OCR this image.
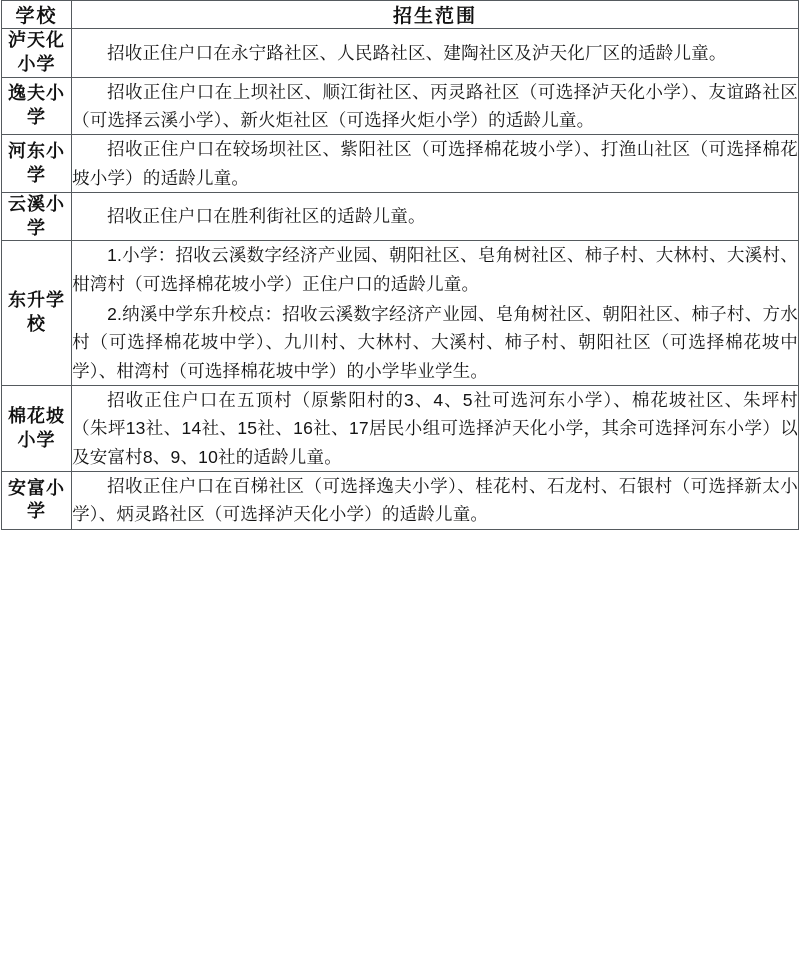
学校	招生范围
泸天化小学	招收正住户口在永宁路社区、人民路社区、建陶社区及泸天化厂区的适龄儿童。

逸夫小学	招收正住户口在上坝社区、顺江街社区、丙灵路社区（可选择泸天化小学）、友谊路社区（可选择云溪小学）、新火炬社区（可选择火炬小学）的适龄儿童。

河东小学	招收正住户口在较场坝社区、紫阳社区（可选择棉花坡小学）、打渔山社区（可选择棉花坡小学）的适龄儿童。

云溪小学	招收正住户口在胜利街社区的适龄儿童。

东升学校	1.小学：招收云溪数字经济产业园、朝阳社区、皂角树社区、柿子村、大林村、大溪村、柑湾村（可选择棉花坡小学）正住户口的适龄儿童。

2.纳溪中学东升校点：招收云溪数字经济产业园、皂角树社区、朝阳社区、柿子村、方水村（可选择棉花坡中学）、九川村、大林村、大溪村、柿子村、朝阳社区（可选择棉花坡中学）、柑湾村（可选择棉花坡中学）的小学毕业学生。

棉花坡小学	招收正住户口在五顶村（原紫阳村的3、4、5社可选河东小学）、棉花坡社区、朱坪村（朱坪13社、14社、15社、16社、17居民小组可选择泸天化小学，其余可选择河东小学）以及安富村8、9、10社的适龄儿童。

安富小学	招收正住户口在百梯社区（可选择逸夫小学）、桂花村、石龙村、石银村（可选择新太小学）、炳灵路社区（可选择泸天化小学）的适龄儿童。
